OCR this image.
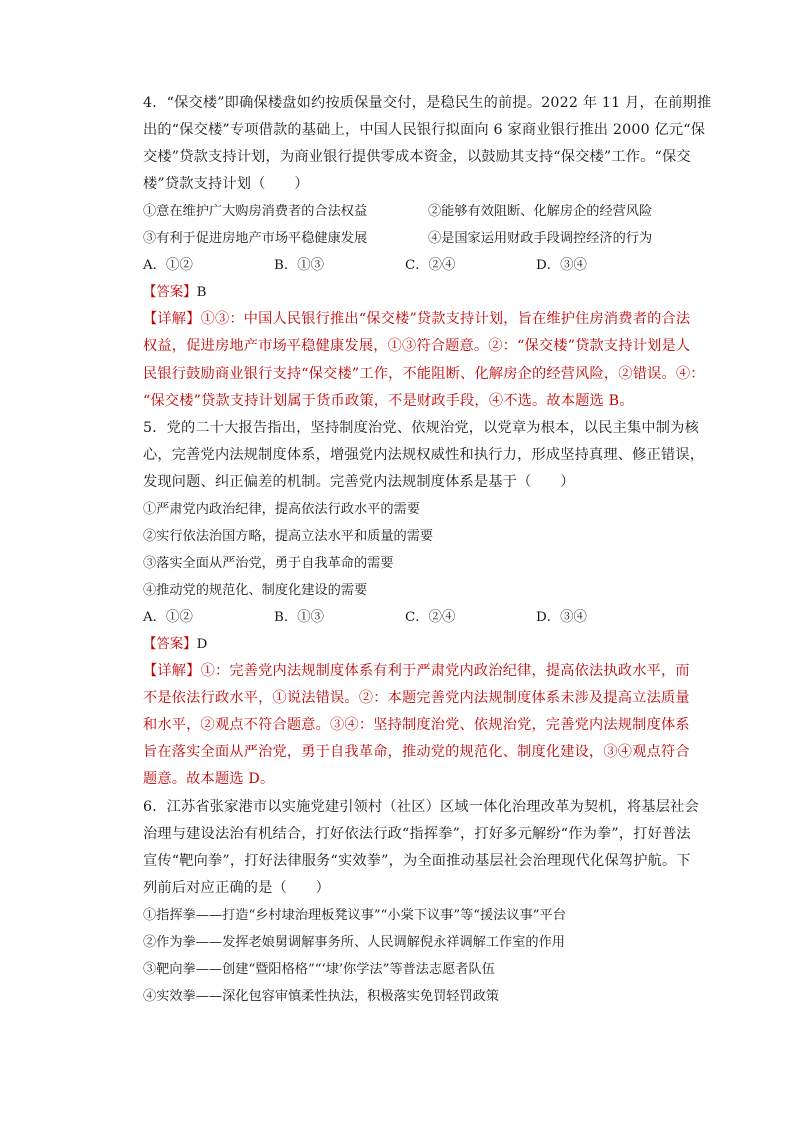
4．“保交楼”即确保楼盘如约按质保量交付，是稳民生的前提。2022 年 11 月，在前期推
出的“保交楼”专项借款的基础上，中国人民银行拟面向 6 家商业银行推出 2000 亿元“保
交楼”贷款支持计划，为商业银行提供零成本资金，以鼓励其支持“保交楼”工作。“保交
楼”贷款支持计划（　　）

①意在维护广大购房消费者的合法权益	②能够有效阻断、化解房企的经营风险
③有利于促进房地产市场平稳健康发展	④是国家运用财政手段调控经济的行为
A．①②	B．①③	C．②④	D．③④
【答案】B

【详解】①③：中国人民银行推出“保交楼”贷款支持计划，旨在维护住房消费者的合法
权益，促进房地产市场平稳健康发展，①③符合题意。②：“保交楼”贷款支持计划是人
民银行鼓励商业银行支持“保交楼”工作，不能阻断、化解房企的经营风险，②错误。④：
“保交楼”贷款支持计划属于货币政策，不是财政手段，④不选。故本题选 B。

5．党的二十大报告指出，坚持制度治党、依规治党，以党章为根本，以民主集中制为核
心，完善党内法规制度体系，增强党内法规权威性和执行力，形成坚持真理、修正错误，
发现问题、纠正偏差的机制。完善党内法规制度体系是基于（　　）

①严肃党内政治纪律，提高依法行政水平的需要
②实行依法治国方略，提高立法水平和质量的需要
③落实全面从严治党，勇于自我革命的需要
④推动党的规范化、制度化建设的需要
A．①②	B．①③	C．②④	D．③④
【答案】D

【详解】①：完善党内法规制度体系有利于严肃党内政治纪律，提高依法执政水平，而
不是依法行政水平，①说法错误。②：本题完善党内法规制度体系未涉及提高立法质量
和水平，②观点不符合题意。③④：坚持制度治党、依规治党，完善党内法规制度体系
旨在落实全面从严治党，勇于自我革命，推动党的规范化、制度化建设，③④观点符合
题意。故本题选 D。

6．江苏省张家港市以实施党建引领村（社区）区域一体化治理改革为契机，将基层社会
治理与建设法治有机结合，打好依法行政“指挥拳”，打好多元解纷“作为拳”，打好普法
宣传“靶向拳”，打好法律服务“实效拳”，为全面推动基层社会治理现代化保驾护航。下
列前后对应正确的是（　　）

①指挥拳——打造“乡村埭治理板凳议事”“小棠下议事”等“援法议事”平台
②作为拳——发挥老娘舅调解事务所、人民调解倪永祥调解工作室的作用
③靶向拳——创建“暨阳格格”“‘埭’你学法”等普法志愿者队伍
④实效拳——深化包容审慎柔性执法，积极落实免罚轻罚政策
